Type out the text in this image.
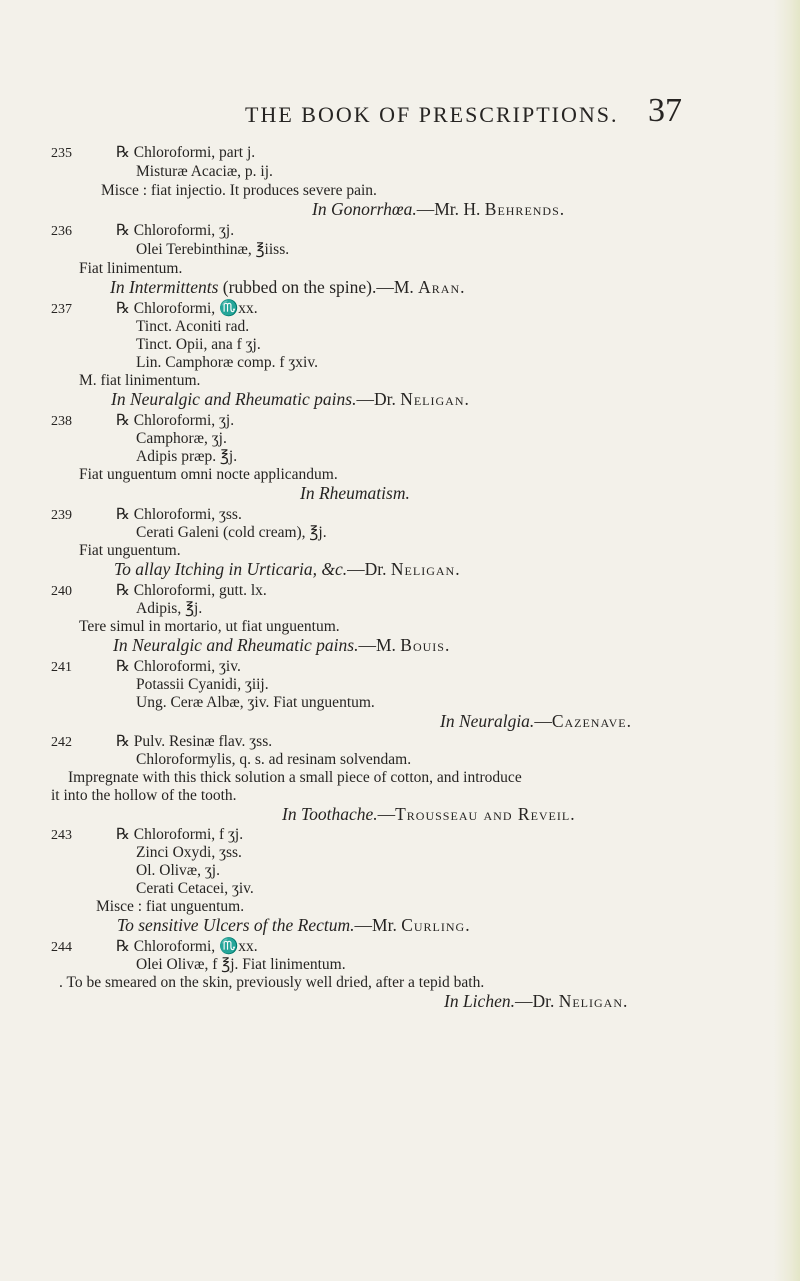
THE BOOK OF PRESCRIPTIONS. 37
235	℞ Chloroformi, part j.
Misturæ Acaciæ, p. ij.
Misce : fiat injectio. It produces severe pain.
In Gonorrhœa.—Mr. H. Behrends.
236	℞ Chloroformi, ʒj.
Olei Terebinthinæ, ℥iiss.
Fiat linimentum.
In Intermittents (rubbed on the spine).—M. Aran.
237	℞ Chloroformi, ♏xx.
Tinct. Aconiti rad.
Tinct. Opii, ana f ʒj.
Lin. Camphoræ comp. f ʒxiv.
M. fiat linimentum.
In Neuralgic and Rheumatic pains.—Dr. Neligan.
238	℞ Chloroformi, ʒj.
Camphoræ, ʒj.
Adipis præp. ℥j.
Fiat unguentum omni nocte applicandum.
In Rheumatism.
239	℞ Chloroformi, ʒss.
Cerati Galeni (cold cream), ℥j.
Fiat unguentum.
To allay Itching in Urticaria, &c.—Dr. Neligan.
240	℞ Chloroformi, gutt. lx.
Adipis, ℥j.
Tere simul in mortario, ut fiat unguentum.
In Neuralgic and Rheumatic pains.—M. Bouis.
241	℞ Chloroformi, ʒiv.
Potassii Cyanidi, ʒiij.
Ung. Ceræ Albæ, ʒiv. Fiat unguentum.
In Neuralgia.—Cazenave.
242	℞ Pulv. Resinæ flav. ʒss.
Chloroformylis, q. s. ad resinam solvendam.
Impregnate with this thick solution a small piece of cotton, and introduce
it into the hollow of the tooth.
In Toothache.—Trousseau and Reveil.
243	℞ Chloroformi, f ʒj.
Zinci Oxydi, ʒss.
Ol. Olivæ, ʒj.
Cerati Cetacei, ʒiv.
Misce : fiat unguentum.
To sensitive Ulcers of the Rectum.—Mr. Curling.
244	℞ Chloroformi, ♏xx.
Olei Olivæ, f ℥j. Fiat linimentum.
. To be smeared on the skin, previously well dried, after a tepid bath.
In Lichen.—Dr. Neligan.
